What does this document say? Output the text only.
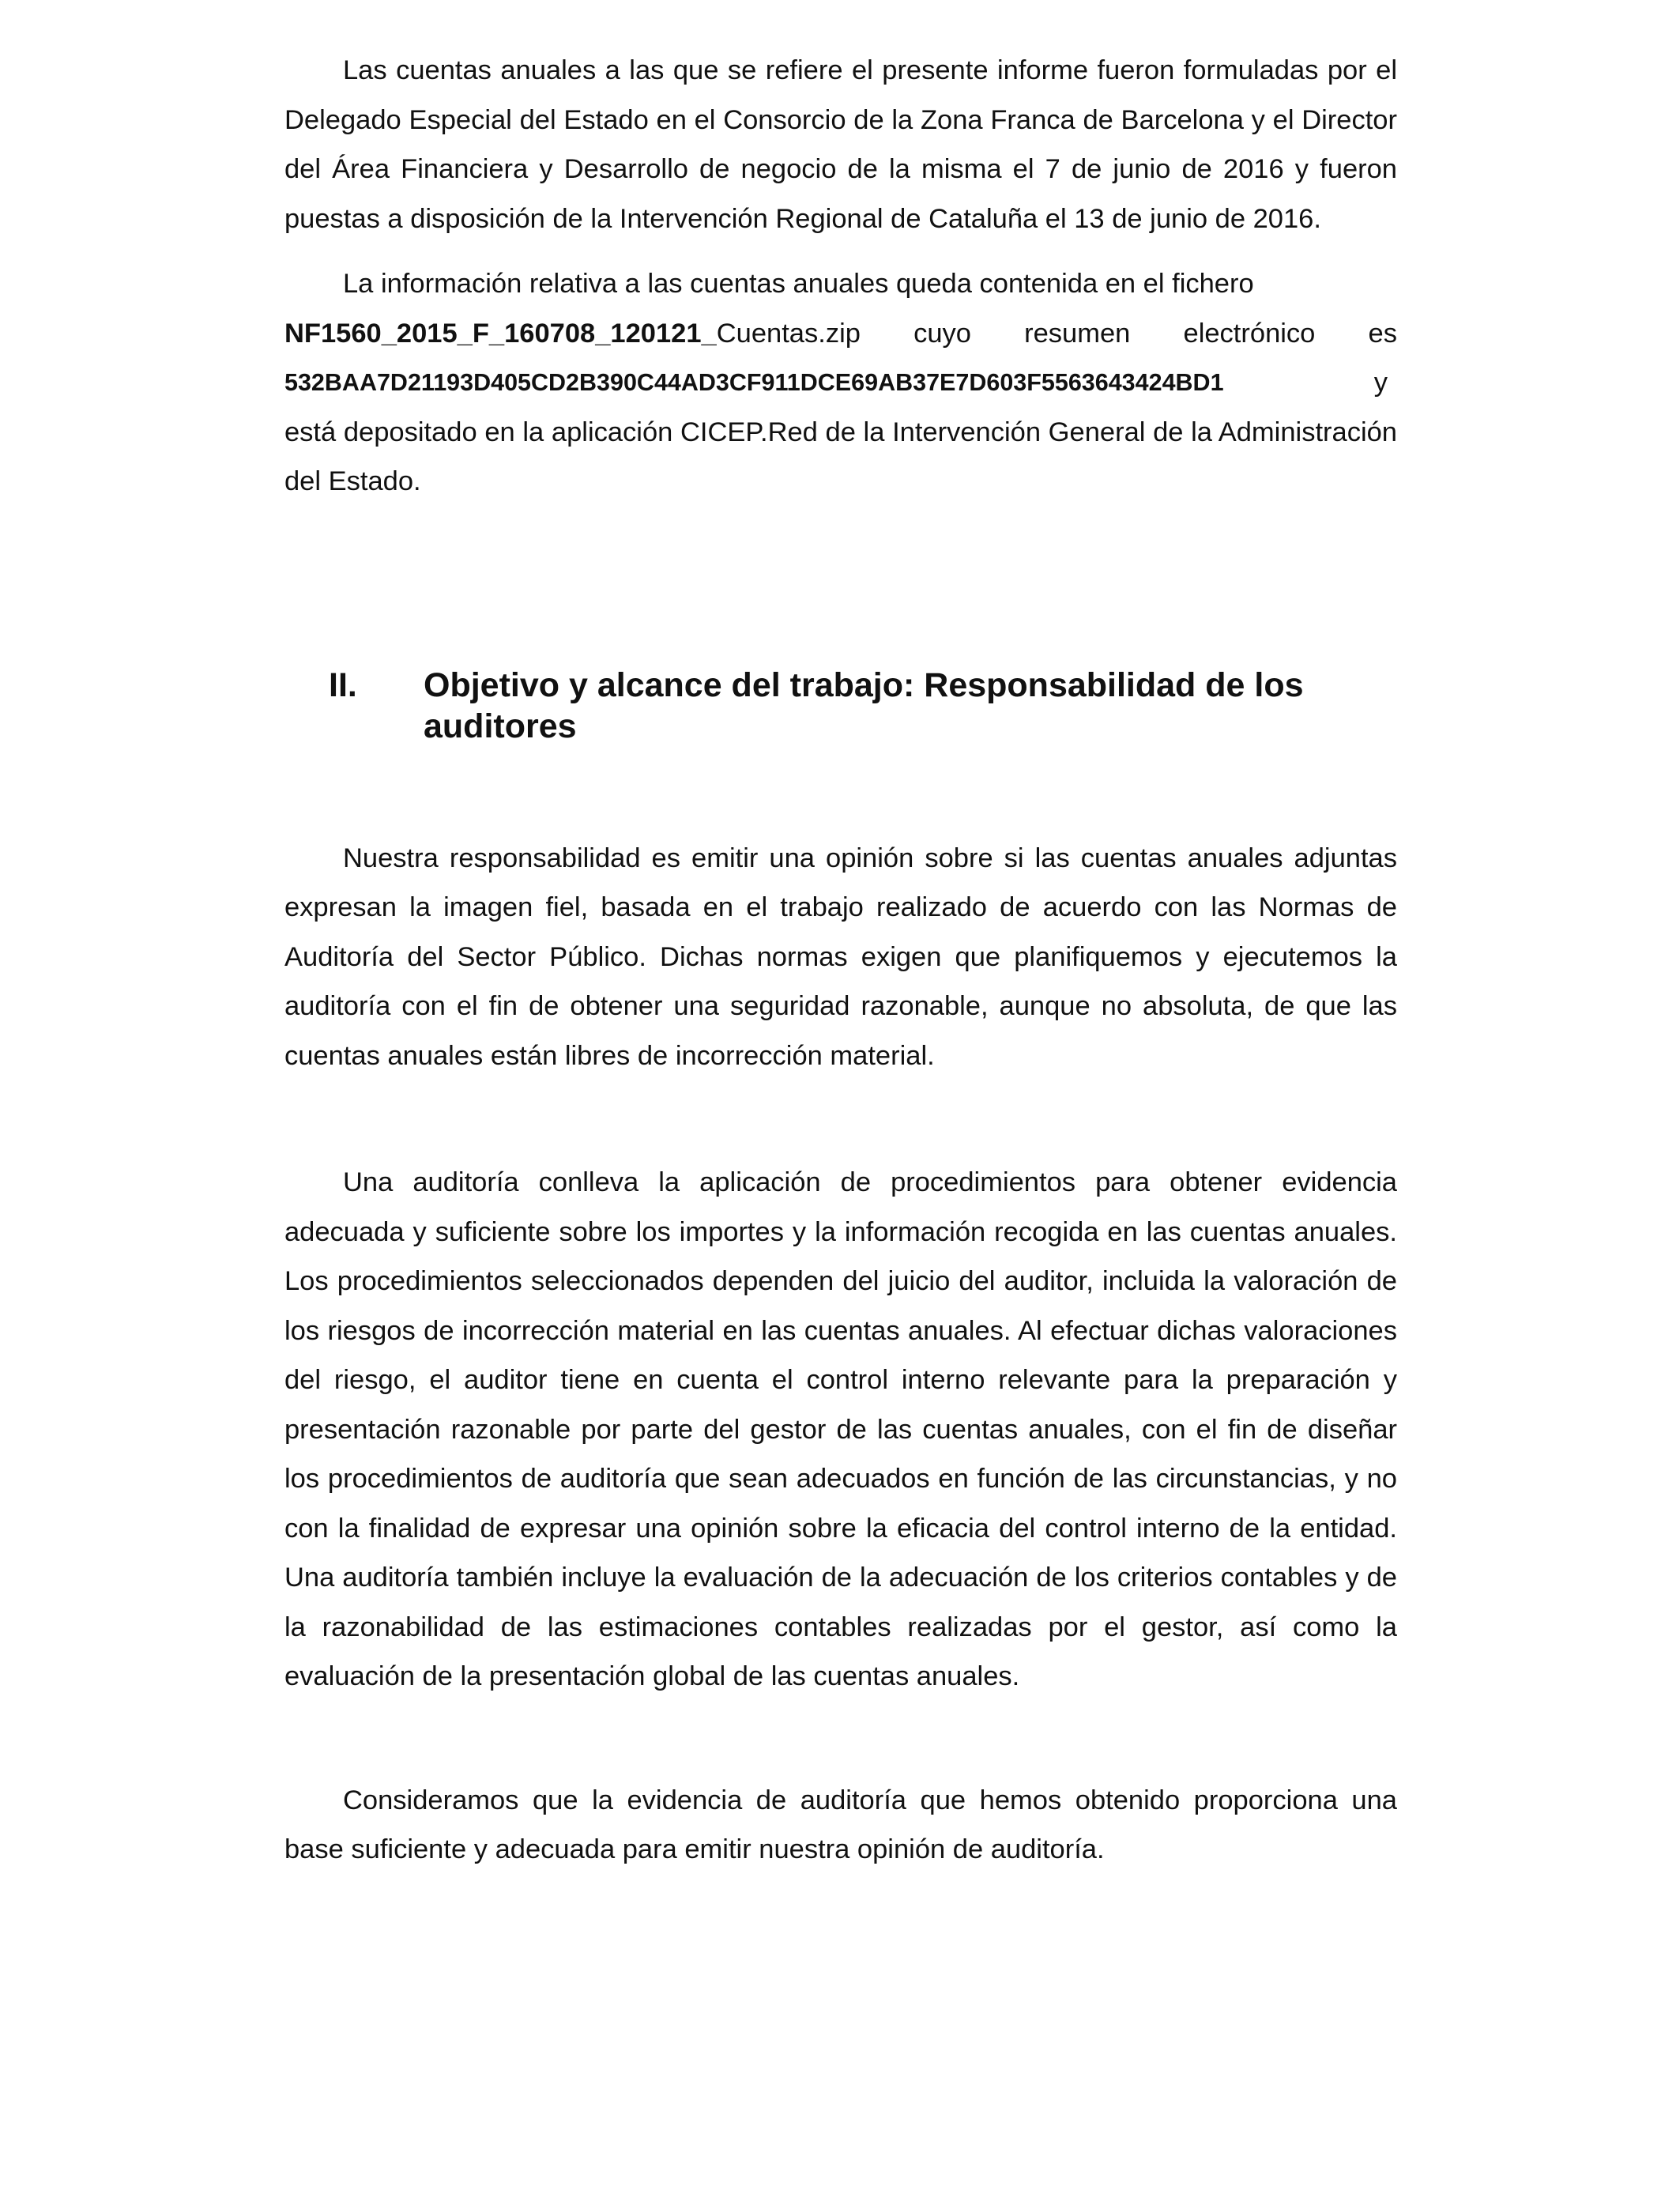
Las cuentas anuales a las que se refiere el presente informe fueron formuladas por el Delegado Especial del Estado en el Consorcio de la Zona Franca de Barcelona y el Director del Área Financiera y Desarrollo de negocio de la misma el 7 de junio de 2016 y fueron puestas a disposición de la Intervención Regional de Cataluña el 13 de junio de 2016.

La información relativa a las cuentas anuales queda contenida en el fichero

NF1560_2015_F_160708_120121_Cuentas.zip cuyo resumen electrónico es
532BAA7D21193D405CD2B390C44AD3CF911DCE69AB37E7D603F5563643424BD1	y

está depositado en la aplicación CICEP.Red de la Intervención General de la Administración del Estado.

II.	Objetivo y alcance del trabajo: Responsabilidad de los auditores

Nuestra responsabilidad es emitir una opinión sobre si las cuentas anuales adjuntas expresan la imagen fiel, basada en el trabajo realizado de acuerdo con las Normas de Auditoría del Sector Público. Dichas normas exigen que planifiquemos y ejecutemos la auditoría con el fin de obtener una seguridad razonable, aunque no absoluta, de que las cuentas anuales están libres de incorrección material.

Una auditoría conlleva la aplicación de procedimientos para obtener evidencia adecuada y suficiente sobre los importes y la información recogida en las cuentas anuales. Los procedimientos seleccionados dependen del juicio del auditor, incluida la valoración de los riesgos de incorrección material en las cuentas anuales. Al efectuar dichas valoraciones del riesgo, el auditor tiene en cuenta el control interno relevante para la preparación y presentación razonable por parte del gestor de las cuentas anuales, con el fin de diseñar los procedimientos de auditoría que sean adecuados en función de las circunstancias, y no con la finalidad de expresar una opinión sobre la eficacia del control interno de la entidad. Una auditoría también incluye la evaluación de la adecuación de los criterios contables y de la razonabilidad de las estimaciones contables realizadas por el gestor, así como la evaluación de la presentación global de las cuentas anuales.

Consideramos que la evidencia de auditoría que hemos obtenido proporciona una base suficiente y adecuada para emitir nuestra opinión de auditoría.
